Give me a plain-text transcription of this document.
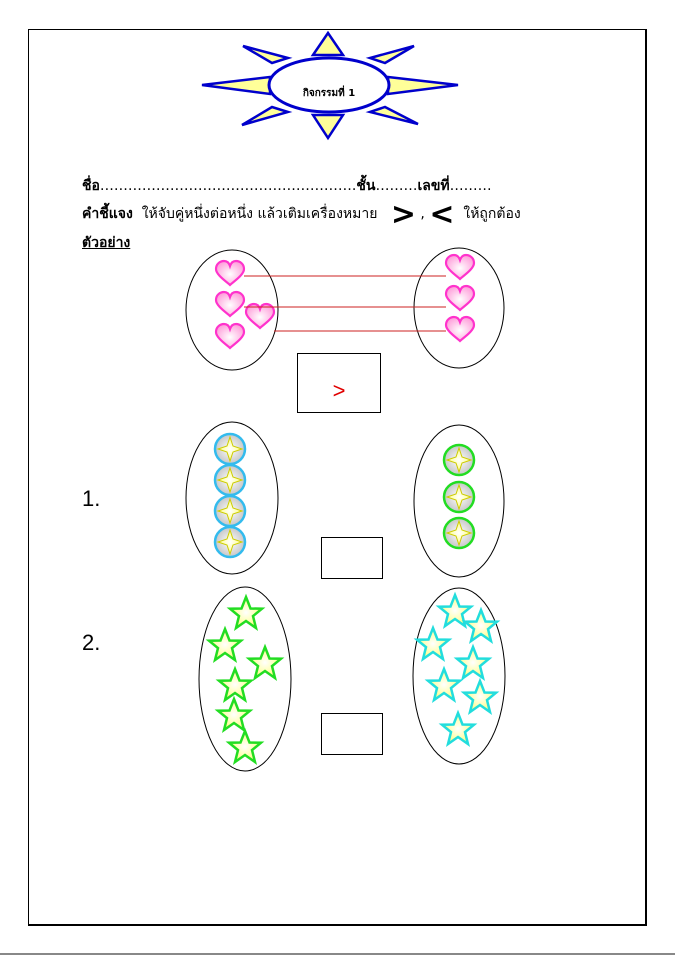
กิจกรรมที่ 1
ชื่อ……………………………………………….ชั้น………เลขที่………
คำชี้แจง ให้จับคู่หนึ่งต่อหนึ่ง แล้วเติมเครื่องหมาย > , < ให้ถูกต้อง
ตัวอย่าง
>
1.
2.
